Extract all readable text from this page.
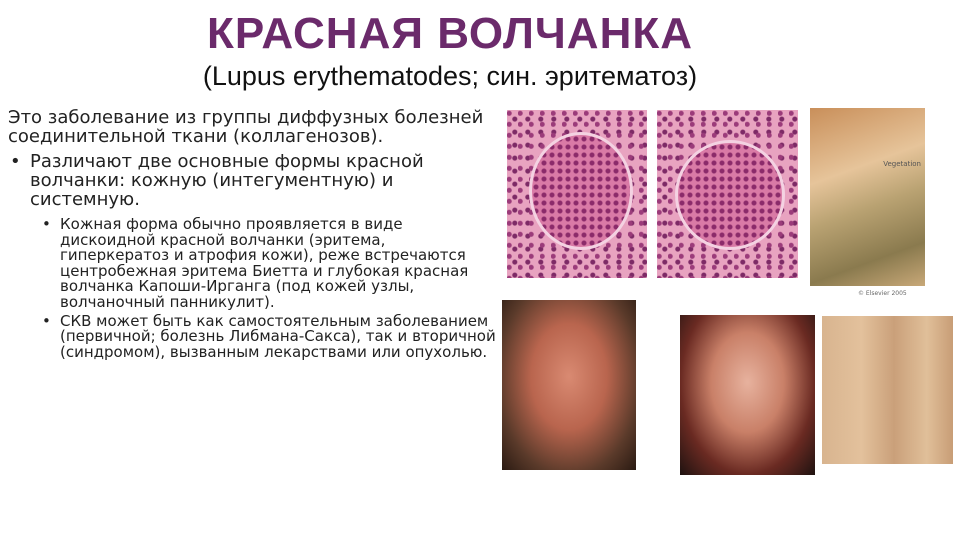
КРАСНАЯ ВОЛЧАНКА
(Lupus erythematodes; син. эритематоз)

Это заболевание из группы диффузных болезней соединительной ткани (коллагенозов).

• Различают две основные формы красной волчанки: кожную (интегументную) и системную.

• Кожная форма обычно проявляется в виде дискоидной красной волчанки (эритема, гиперкератоз и атрофия кожи), реже встречаются центробежная эритема Биетта и глубокая красная волчанка Капоши-Ирганга (под кожей узлы, волчаночный панникулит).

• СКВ может быть как самостоятельным заболеванием (первичной; болезнь Либмана-Сакса), так и вторичной (синдромом), вызванным лекарствами или опухолью.

Vegetation
© Elsevier 2005
